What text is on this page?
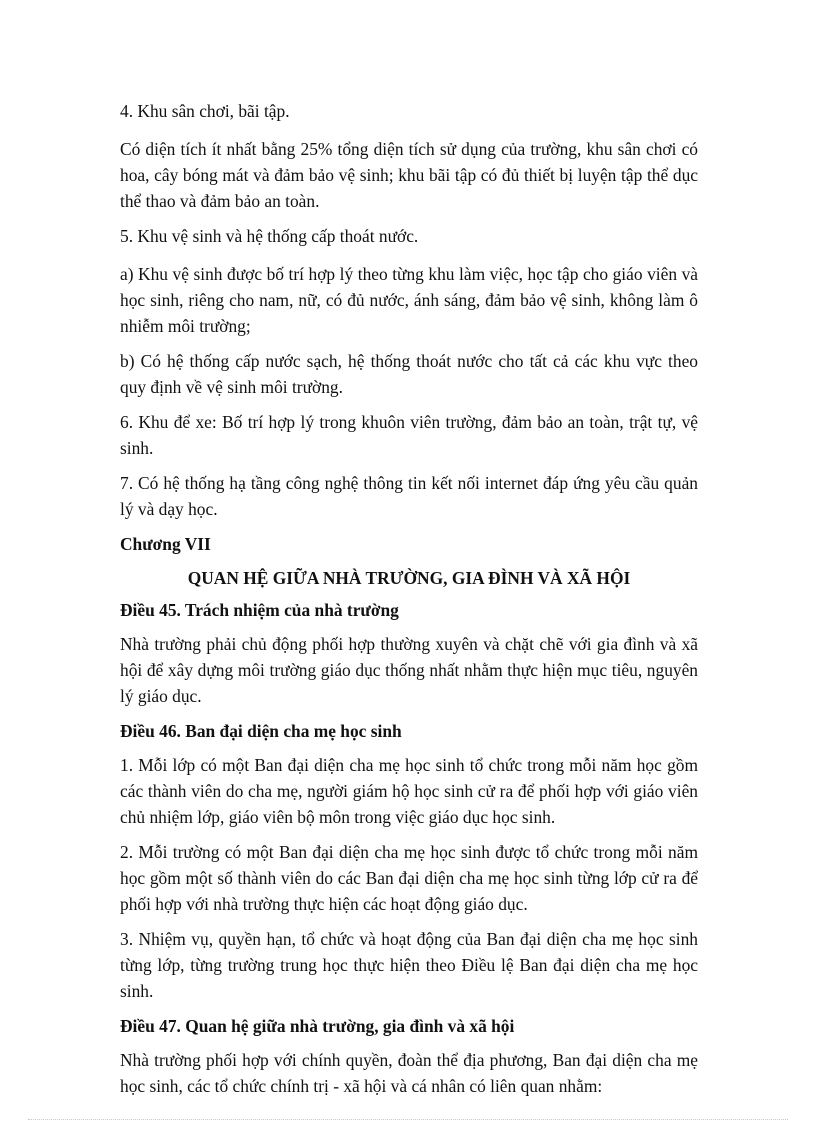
4. Khu sân chơi, bãi tập.

Có diện tích ít nhất bằng 25% tổng diện tích sử dụng của trường, khu sân chơi có hoa, cây bóng mát và đảm bảo vệ sinh; khu bãi tập có đủ thiết bị luyện tập thể dục thể thao và đảm bảo an toàn.

5. Khu vệ sinh và hệ thống cấp thoát nước.

a) Khu vệ sinh được bố trí hợp lý theo từng khu làm việc, học tập cho giáo viên và học sinh, riêng cho nam, nữ, có đủ nước, ánh sáng, đảm bảo vệ sinh, không làm ô nhiễm môi trường;

b) Có hệ thống cấp nước sạch, hệ thống thoát nước cho tất cả các khu vực theo quy định về vệ sinh môi trường.

6. Khu để xe: Bố trí hợp lý trong khuôn viên trường, đảm bảo an toàn, trật tự, vệ sinh.

7. Có hệ thống hạ tầng công nghệ thông tin kết nối internet đáp ứng yêu cầu quản lý và dạy học.

Chương VII

QUAN HỆ GIỮA NHÀ TRƯỜNG, GIA ĐÌNH VÀ XÃ HỘI

Điều 45. Trách nhiệm của nhà trường

Nhà trường phải chủ động phối hợp thường xuyên và chặt chẽ với gia đình và xã hội để xây dựng môi trường giáo dục thống nhất nhằm thực hiện mục tiêu, nguyên lý giáo dục.

Điều 46. Ban đại diện cha mẹ học sinh

1. Mỗi lớp có một Ban đại diện cha mẹ học sinh tổ chức trong mỗi năm học gồm các thành viên do cha mẹ, người giám hộ học sinh cử ra để phối hợp với giáo viên chủ nhiệm lớp, giáo viên bộ môn trong việc giáo dục học sinh.

2. Mỗi trường có một Ban đại diện cha mẹ học sinh được tổ chức trong mỗi năm học gồm một số thành viên do các Ban đại diện cha mẹ học sinh từng lớp cử ra để phối hợp với nhà trường thực hiện các hoạt động giáo dục.

3. Nhiệm vụ, quyền hạn, tổ chức và hoạt động của Ban đại diện cha mẹ học sinh từng lớp, từng trường trung học thực hiện theo Điều lệ Ban đại diện cha mẹ học sinh.

Điều 47. Quan hệ giữa nhà trường, gia đình và xã hội

Nhà trường phối hợp với chính quyền, đoàn thể địa phương, Ban đại diện cha mẹ học sinh, các tổ chức chính trị - xã hội và cá nhân có liên quan nhằm:
